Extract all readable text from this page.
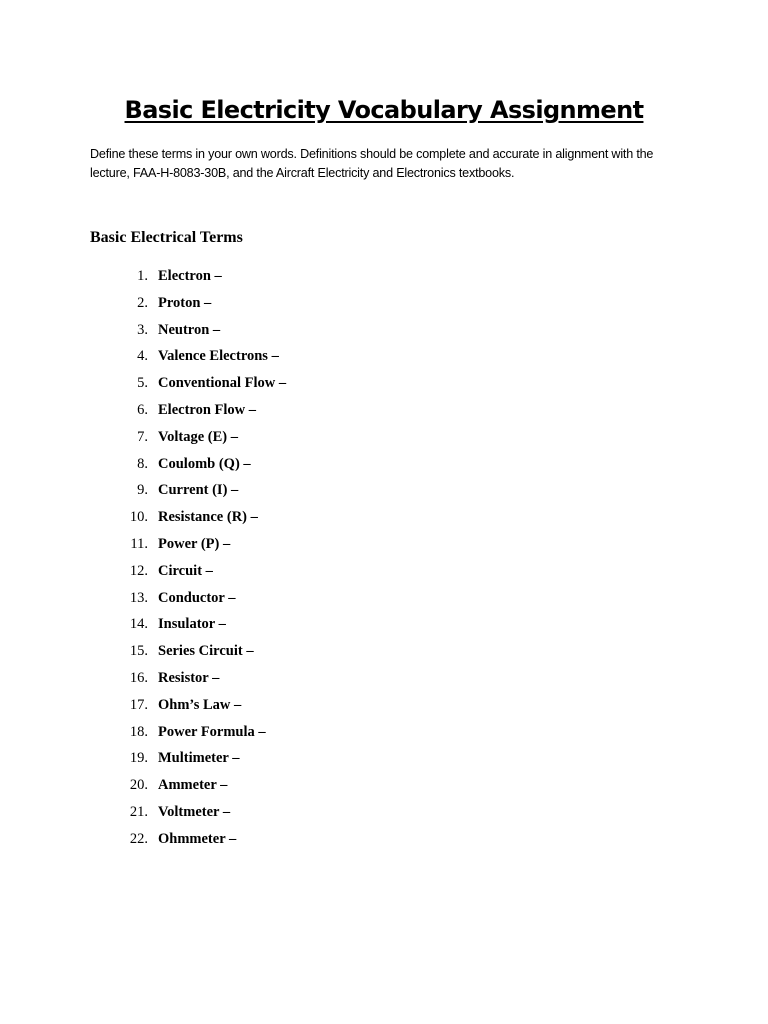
Basic Electricity Vocabulary Assignment

Define these terms in your own words. Definitions should be complete and accurate in alignment with the lecture, FAA-H-8083-30B, and the Aircraft Electricity and Electronics textbooks.

Basic Electrical Terms
1. Electron –
2. Proton –
3. Neutron –
4. Valence Electrons –
5. Conventional Flow –
6. Electron Flow –
7. Voltage (E) –
8. Coulomb (Q) –
9. Current (I) –
10. Resistance (R) –
11. Power (P) –
12. Circuit –
13. Conductor –
14. Insulator –
15. Series Circuit –
16. Resistor –
17. Ohm’s Law –
18. Power Formula –
19. Multimeter –
20. Ammeter –
21. Voltmeter –
22. Ohmmeter –
